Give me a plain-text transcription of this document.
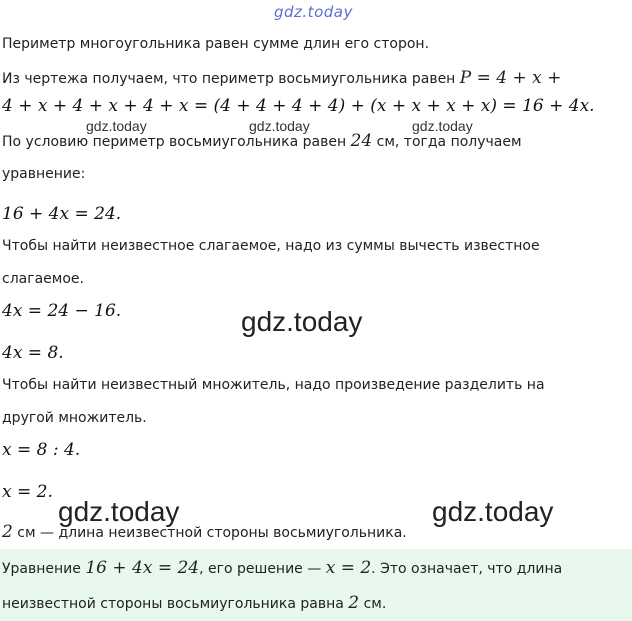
gdz.today
Периметр многоугольника равен сумме длин его сторон.
Из чертежа получаем, что периметр восьмиугольника равен P = 4 + x +
4 + x + 4 + x + 4 + x = (4 + 4 + 4 + 4) + (x + x + x + x) = 16 + 4x.
gdz.today	gdz.today	gdz.today
По условию периметр восьмиугольника равен 24 см, тогда получаем
уравнение:
16 + 4x = 24.
Чтобы найти неизвестное слагаемое, надо из суммы вычесть известное
слагаемое.
4x = 24 − 16.	gdz.today
4x = 8.
Чтобы найти неизвестный множитель, надо произведение разделить на
другой множитель.
x = 8 : 4.
x = 2.
gdz.today	gdz.today
2 см — длина неизвестной стороны восьмиугольника.
Уравнение 16 + 4x = 24, его решение — x = 2. Это означает, что длина
неизвестной стороны восьмиугольника равна 2 см.
